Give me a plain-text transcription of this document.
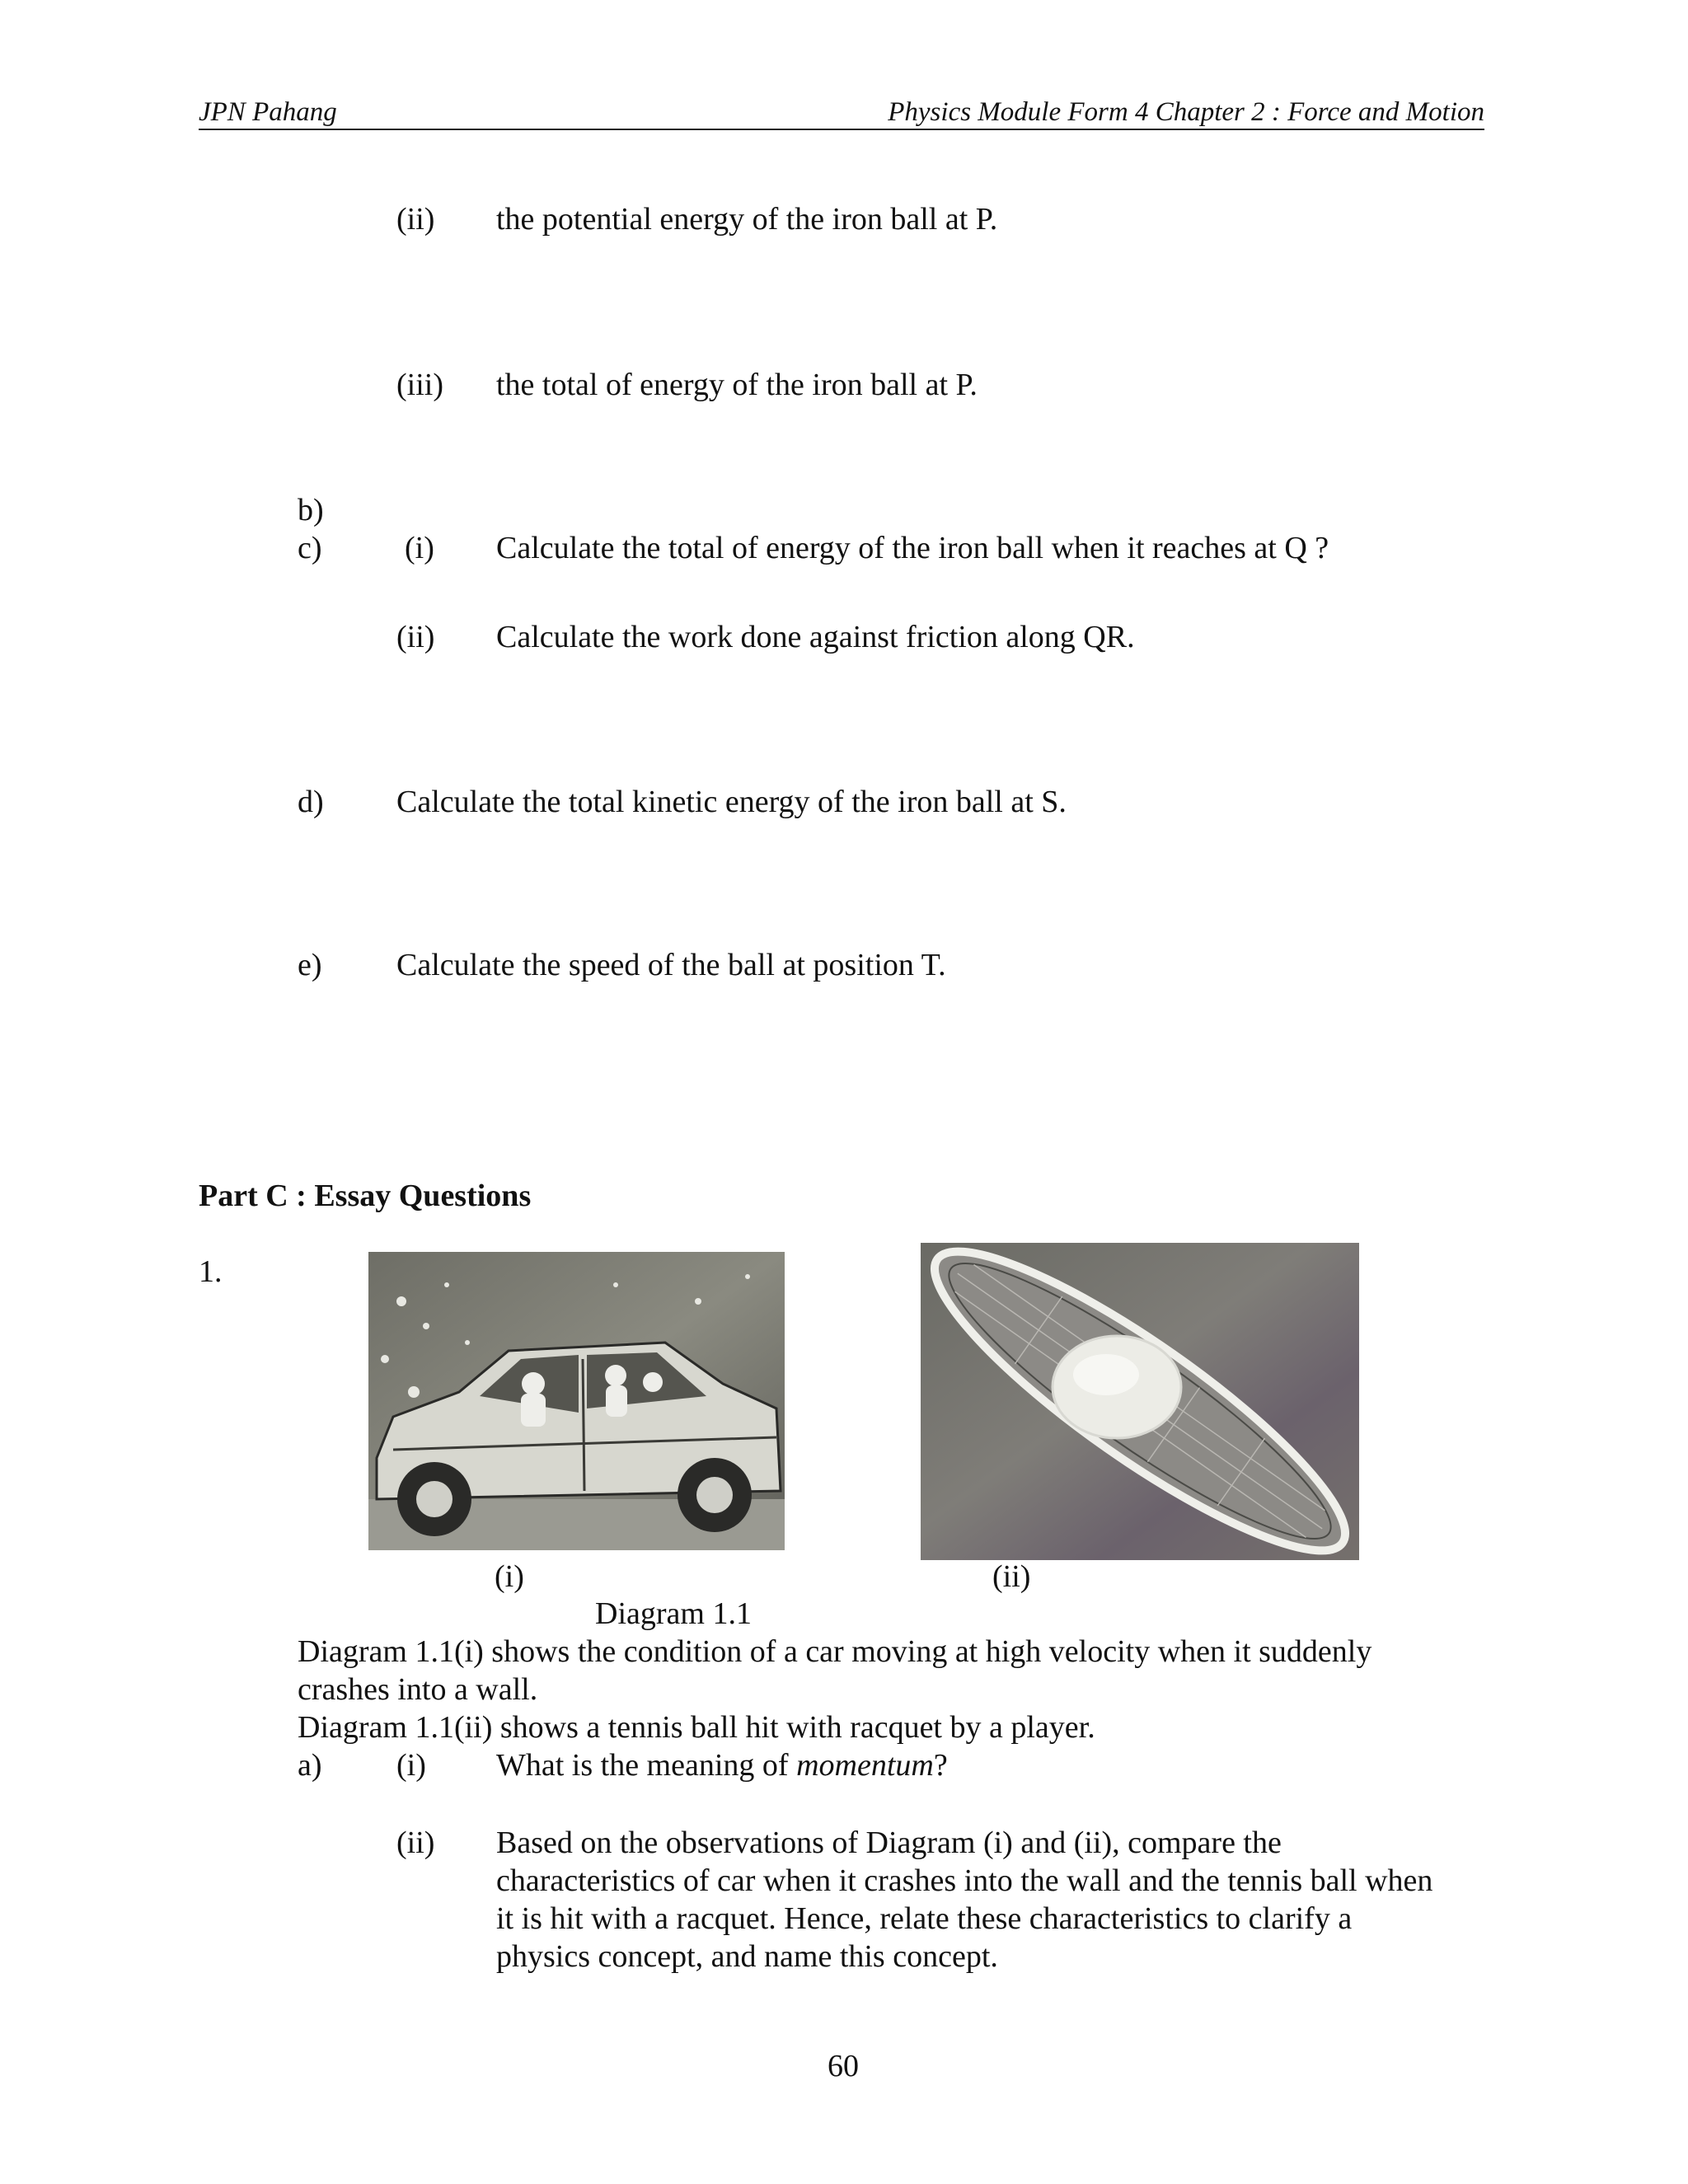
JPN Pahang	Physics Module Form 4 Chapter 2 : Force and Motion
(ii) the potential energy of the iron ball at P.
(iii) the total of energy of the iron ball at P.
b)
c)	(i) Calculate the total of energy of the iron ball when it reaches at Q ?
(ii) Calculate the work done against friction along QR.
d) Calculate the total kinetic energy of the iron ball at S.
e) Calculate the speed of the ball at position T.
Part C : Essay Questions
1.
(i)	(ii)
Diagram 1.1
Diagram 1.1(i) shows the condition of a car moving at high velocity when it suddenly
crashes into a wall.
Diagram 1.1(ii) shows a tennis ball hit with racquet by a player.
a) (i) What is the meaning of momentum?
(ii) Based on the observations of Diagram (i) and (ii), compare the
characteristics of car when it crashes into the wall and the tennis ball when
it is hit with a racquet. Hence, relate these characteristics to clarify a
physics concept, and name this concept.
60
